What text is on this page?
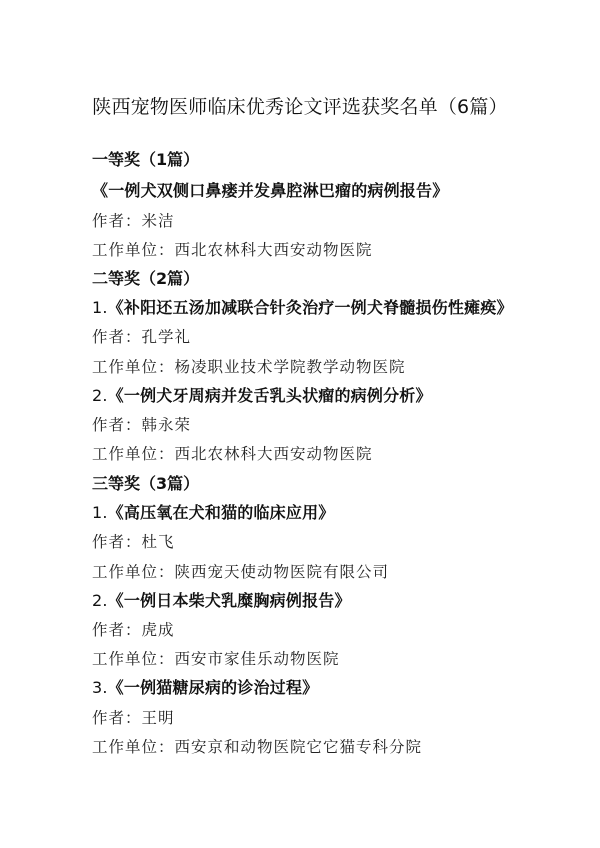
陕西宠物医师临床优秀论文评选获奖名单（6篇）
一等奖（1篇）
《一例犬双侧口鼻瘘并发鼻腔淋巴瘤的病例报告》
作者：米洁
工作单位：西北农林科大西安动物医院
二等奖（2篇）
1.《补阳还五汤加减联合针灸治疗一例犬脊髓损伤性瘫痪》
作者：孔学礼
工作单位：杨凌职业技术学院教学动物医院
2.《一例犬牙周病并发舌乳头状瘤的病例分析》
作者：韩永荣
工作单位：西北农林科大西安动物医院
三等奖（3篇）
1.《高压氧在犬和猫的临床应用》
作者：杜飞
工作单位：陕西宠天使动物医院有限公司
2.《一例日本柴犬乳糜胸病例报告》
作者：虎成
工作单位：西安市家佳乐动物医院
3.《一例猫糖尿病的诊治过程》
作者：王明
工作单位：西安京和动物医院它它猫专科分院
